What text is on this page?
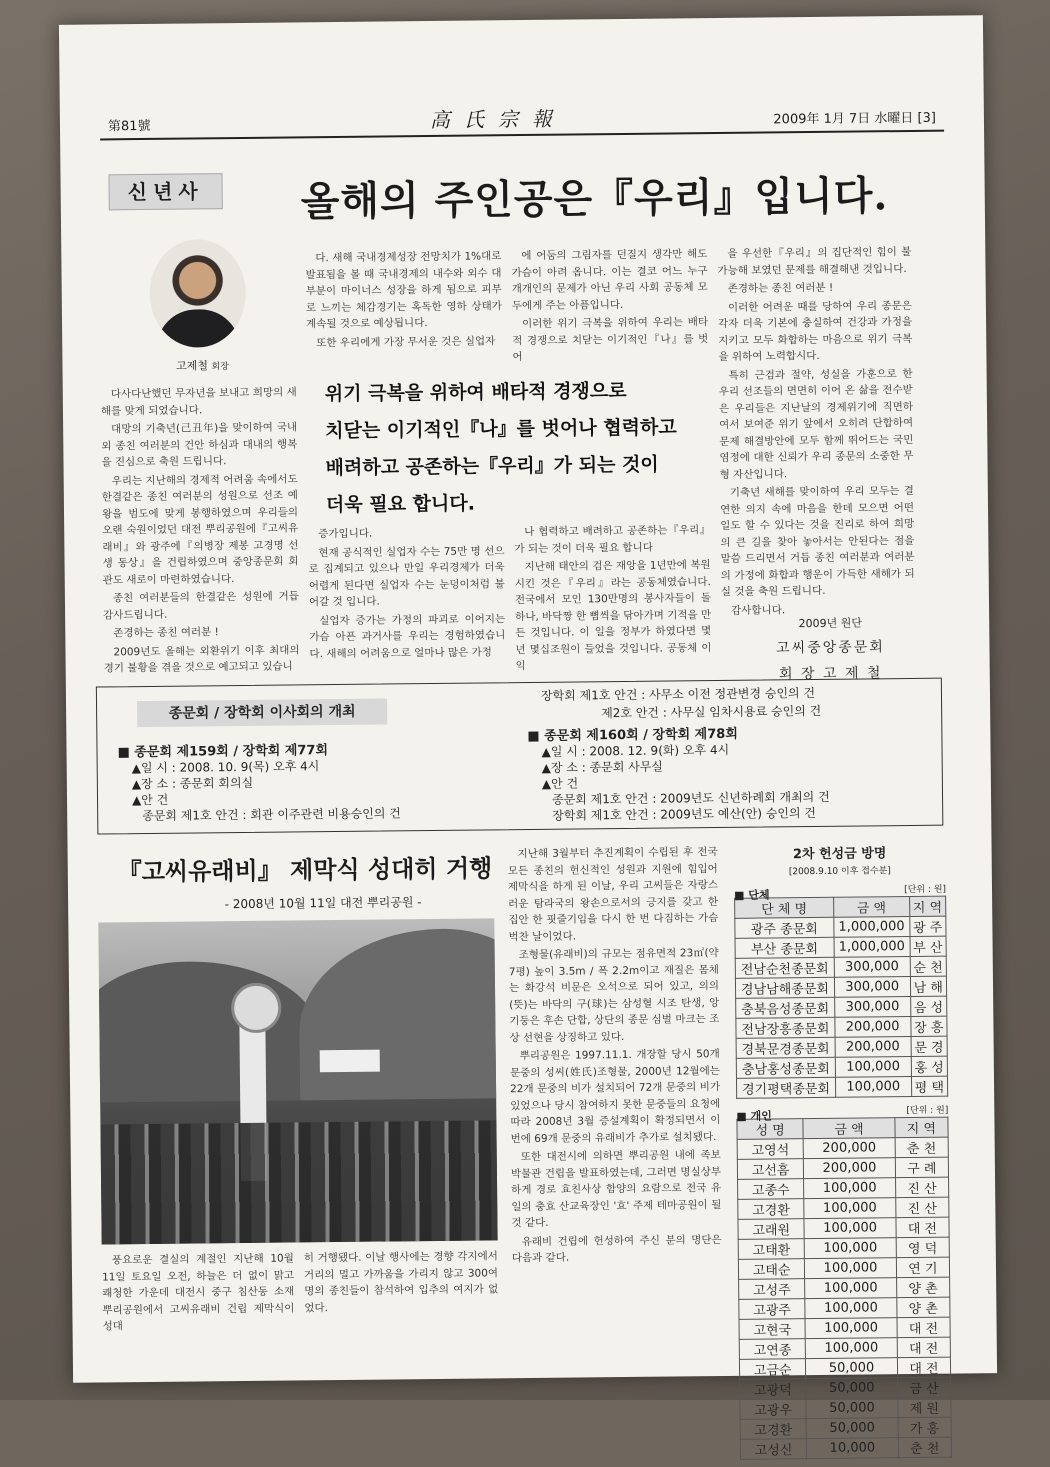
第81號	高氏宗報	2009年 1月 7日 水曜日 [3]
신년사	올해의 주인공은『우리』입니다.
고제철 회장

다사다난했던 무자년을 보내고 희망의 새해를 맞게 되었습니다.

대망의 기축년(己丑年)을 맞이하여 국내외 종친 여러분의 건안 하심과 대내의 행복을 진심으로 축원 드립니다.

우리는 지난해의 경제적 어려움 속에서도 한결같은 종친 여러분의 성원으로 선조 예왕을 범도에 맞게 봉행하였으며 우리들의 오랜 숙원이었던 대전 뿌리공원에『고씨유래비』와 광주에『의병장 제봉 고경명 선생 동상』을 건립하였으며 중앙종문회 회관도 새로이 마련하였습니다.

종친 여러분들의 한결같은 성원에 거듭 감사드립니다.

존경하는 종친 여러분 !

2009년도 올해는 외환위기 이후 최대의 경기 불황을 겪을 것으로 예고되고 있습니

다. 새해 국내경제성장 전망치가 1%대로 발표됨을 볼 때 국내경제의 내수와 외수 대부분이 마이너스 성장을 하게 됨으로 피부로 느끼는 체감경기는 혹독한 영하 상태가 계속될 것으로 예상됩니다.

또한 우리에게 가장 무서운 것은 실업자

에 어둠의 그림자를 던질지 생각만 해도 가슴이 아려 옵니다. 이는 결코 어느 누구 개개인의 문제가 아닌 우리 사회 공동체 모두에게 주는 아픔입니다.

이러한 위기 극복을 위하여 우리는 배타적 경쟁으로 치닫는 이기적인『나』를 벗어

을 우선한『우리』의 집단적인 힘이 불가능해 보였던 문제를 해결해낸 것입니다.

존경하는 종친 여러분 !

이러한 어려운 때를 당하여 우리 종문은 각자 더욱 기본에 충실하여 건강과 가정을 지키고 모두 화합하는 마음으로 위기 극복을 위하여 노력합시다.

특히 근검과 절약, 성실을 가훈으로 한 우리 선조들의 면면히 이어 온 삶을 전수받은 우리들은 지난날의 경제위기에 직면하여서 보여준 위기 앞에서 오히려 단합하여 문제 해결방안에 모두 함께 뛰어드는 국민 염정에 대한 신뢰가 우리 종문의 소중한 무형 자산입니다.

기축년 새해를 맞이하여 우리 모두는 결연한 의지 속에 마음을 한데 모으면 어떤 일도 할 수 있다는 것을 진리로 하여 희망의 큰 길을 찾아 놓아서는 안된다는 점을 말씀 드리면서 거듭 종친 여러분과 여러분의 가정에 화합과 행운이 가득한 새해가 되실 것을 축원 드립니다.

감사합니다.

위기 극복을 위하여 배타적 경쟁으로
치닫는 이기적인『나』를 벗어나 협력하고
배려하고 공존하는『우리』가 되는 것이
더욱 필요 합니다.

증가입니다.

현재 공식적인 실업자 수는 75만 명 선으로 집계되고 있으나 만일 우리경제가 더욱 어렵게 된다면 실업자 수는 눈덩이처럼 불어갈 것 입니다.

실업자 증가는 가정의 파괴로 이어지는 가슴 아픈 과거사를 우리는 경험하였습니다. 새해의 어려움으로 얼마나 많은 가정

나 협력하고 배려하고 공존하는『우리』가 되는 것이 더욱 필요 합니다

지난해 태안의 검은 재앙을 1년만에 복원시킨 것은『우리』라는 공동체였습니다. 전국에서 모인 130만명의 봉사자들이 돌 하나, 바닥짱 한 뼘씩을 닦아가며 기적을 만든 것입니다. 이 일을 정부가 하였다면 몇 년 몇십조원이 들었을 것입니다. 공동체 이익

2009년 원단
고씨중앙종문회
회 장 고 제 철
종문회 / 장학회 이사회의 개최
■ 종문회 제159회 / 장학회 제77회
▲일 시 : 2008. 10. 9(목) 오후 4시
▲장 소 : 종문회 회의실
▲안 건
종문회 제1호 안건 : 회관 이주관련 비용승인의 건
장학회 제1호 안건 : 사무소 이전 정관변경 승인의 건
제2호 안건 : 사무실 임차시용료 승인의 건
■ 종문회 제160회 / 장학회 제78회
▲일 시 : 2008. 12. 9(화) 오후 4시
▲장 소 : 종문회 사무실
▲안 건
종문회 제1호 안건 : 2009년도 신년하례회 개최의 건
장학회 제1호 안건 : 2009년도 예산(안) 승인의 건
『고씨유래비』 제막식 성대히 거행
- 2008년 10월 11일 대전 뿌리공원 -

풍요로운 결실의 계절인 지난해 10월 11일 토요일 오전, 하늘은 더 없이 맑고 쾌청한 가운데 대전시 중구 침산동 소재 뿌리공원에서 고씨유래비 건립 제막식이 성대

히 거행됐다. 이날 행사에는 경향 각지에서 거리의 멀고 가까움을 가리지 않고 300여명의 종친들이 참석하여 입추의 여지가 없었다.

지난해 3월부터 추진계획이 수립된 후 전국 모든 종친의 헌신적인 성원과 지원에 힘입어 제막식을 하게 된 이날, 우리 고씨들은 자랑스러운 탐라국의 왕손으로서의 긍지를 갖고 한 집안 한 핏줄기임을 다시 한 번 다짐하는 가슴 벅찬 날이었다.

조형물(유래비)의 규모는 점유면적 23㎡(약7평) 높이 3.5m / 폭 2.2m이고 재질은 몸체는 화강석 비문은 오석으로 되어 있고, 의의(뜻)는 바닥의 구(球)는 삼성혈 시조 탄생, 앙 기둥은 후손 단합, 상단의 종문 심벌 마크는 조상 선현을 상징하고 있다.

뿌리공원은 1997.11.1. 개장할 당시 50개 문중의 성씨(姓氏)조형물, 2000년 12월에는 22개 문중의 비가 설치되어 72개 문중의 비가 있었으나 당시 참여하지 못한 문중들의 요청에 따라 2008년 3월 증설계획이 확정되면서 이번에 69개 문중의 유래비가 추가로 설치됐다.

또한 대전시에 의하면 뿌리공원 내에 족보 박물관 건립을 발표하였는데, 그러면 명실상부하게 경로 효친사상 함양의 요람으로 전국 유일의 충효 산교육장인 '효' 주제 테마공원이 될 것 같다.

유래비 건립에 헌성하여 주신 분의 명단은 다음과 같다.

2차 헌성금 방명
[2008.9.10 이후 접수분]
■ 단체	[단위 : 원]
단 체 명	금 액	지 역
광주 종문회	1,000,000	광 주
부산 종문회	1,000,000	부 산
전남순천종문회	300,000	순 천
경남남해종문회	300,000	남 해
충북음성종문회	300,000	음 성
전남장흥종문회	200,000	장 흥
경북문경종문회	200,000	문 경
충남홍성종문회	100,000	홍 성
경기평택종문회	100,000	평 택
■ 개인	[단위 : 원]
성 명	금 액	지 역
고영석	200,000	춘 천
고선흠	200,000	구 례
고종수	100,000	진 산
고경환	100,000	진 산
고래원	100,000	대 전
고태환	100,000	영 덕
고태순	100,000	연 기
고성주	100,000	양 촌
고광주	100,000	양 촌
고현국	100,000	대 전
고연종	100,000	대 전
고금순	50,000	대 전
고광덕	50,000	금 산
고광우	50,000	제 원
고경환	50,000	가 흥
고성신	10,000	춘 천
